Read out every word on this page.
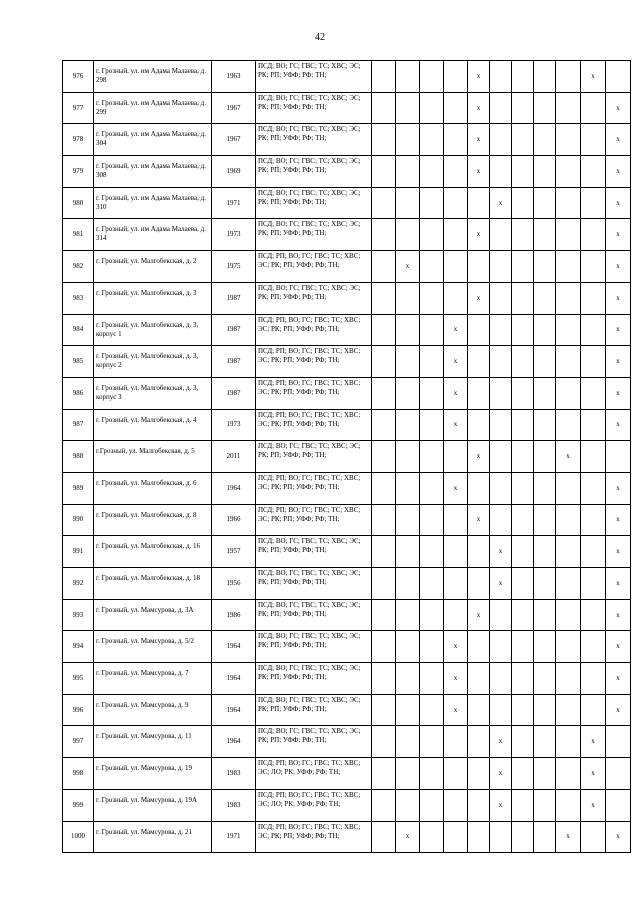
42
976	г. Грозный, ул. им Адама Малаева, д. 298	1963	ПСД; ВО; ГС; ГВС; ТС; ХВС; ЭС; РК; РП; УФФ; РФ; ТН;					x					x	
977	г. Грозный, ул. им Адама Малаева, д. 299	1967	ПСД; ВО; ГС; ГВС; ТС; ХВС; ЭС; РК; РП; УФФ; РФ; ТН;					x						x
978	г. Грозный, ул. им Адама Малаева, д. 304	1967	ПСД; ВО; ГС; ГВС; ТС; ХВС; ЭС; РК; РП; УФФ; РФ; ТН;					x						x
979	г. Грозный, ул. им Адама Малаева, д. 308	1969	ПСД; ВО; ГС; ГВС; ТС; ХВС; ЭС; РК; РП; УФФ; РФ; ТН;					x						x
980	г. Грозный, ул. им Адама Малаева, д. 310	1971	ПСД; ВО; ГС; ГВС; ТС; ХВС; ЭС; РК; РП; УФФ; РФ; ТН;						x					x
981	г. Грозный, ул. им Адама Малаева, д. 314	1973	ПСД; ВО; ГС; ГВС; ТС; ХВС; ЭС; РК; РП; УФФ; РФ; ТН;					x						x
982	г. Грозный, ул. Малгобекская, д. 2	1975	ПСД; РП; ВО; ГС; ГВС; ТС; ХВС; ЭС; РК; РП; УФФ; РФ; ТН;		x									x
983	г. Грозный, ул. Малгобекская, д. 3	1987	ПСД; ВО; ГС; ГВС; ТС; ХВС; ЭС; РК; РП; УФФ; РФ; ТН;					x						x
984	г. Грозный, ул. Малгобекская, д. 3, корпус 1	1987	ПСД; РП; ВО; ГС; ГВС; ТС; ХВС; ЭС; РК; РП; УФФ; РФ; ТН;				x							x
985	г. Грозный, ул. Малгобекская, д. 3, корпус 2	1987	ПСД; РП; ВО; ГС; ГВС; ТС; ХВС; ЭС; РК; РП; УФФ; РФ; ТН;				x							x
986	г. Грозный, ул. Малгобекская, д. 3, корпус 3	1987	ПСД; РП; ВО; ГС; ГВС; ТС; ХВС; ЭС; РК; РП; УФФ; РФ; ТН;				x							x
987	г. Грозный, ул. Малгобекская, д. 4	1973	ПСД; РП; ВО; ГС; ГВС; ТС; ХВС; ЭС; РК; РП; УФФ; РФ; ТН;				x							x
988	г.Грозный, ул. Малгобекская, д. 5	2011	ПСД; ВО; ГС; ГВС; ТС; ХВС; ЭС; РК; РП; УФФ; РФ; ТН;					x				x		
989	г. Грозный, ул. Малгобекская, д. 6	1964	ПСД; РП; ВО; ГС; ГВС; ТС; ХВС; ЭС; РК; РП; УФФ; РФ; ТН;				x							x
990	г. Грозный, ул. Малгобекская, д. 8	1966	ПСД; РП; ВО; ГС; ГВС; ТС; ХВС; ЭС; РК; РП; УФФ; РФ; ТН;					x						x
991	г. Грозный, ул. Малгобекская, д. 16	1957	ПСД; ВО; ГС; ГВС; ТС; ХВС; ЭС; РК; РП; УФФ; РФ; ТН;						x					x
992	г. Грозный, ул. Малгобекская, д. 18	1956	ПСД; ВО; ГС; ГВС; ТС; ХВС; ЭС; РК; РП; УФФ; РФ; ТН;						x					x
993	г. Грозный, ул. Мамсурова, д. 3А	1986	ПСД; ВО; ГС; ГВС; ТС; ХВС; ЭС; РК; РП; УФФ; РФ; ТН;					x						x
994	г. Грозный, ул. Мамсурова, д. 5/2	1964	ПСД; ВО; ГС; ГВС; ТС; ХВС; ЭС; РК; РП; УФФ; РФ; ТН;				x							x
995	г. Грозный, ул. Мамсурова, д. 7	1964	ПСД; ВО; ГС; ГВС; ТС; ХВС; ЭС; РК; РП; УФФ; РФ; ТН;				x							x
996	г. Грозный, ул. Мамсурова, д. 9	1964	ПСД; ВО; ГС; ГВС; ТС; ХВС; ЭС; РК; РП; УФФ; РФ; ТН;				x							x
997	г. Грозный, ул. Мамсурова, д. 11	1964	ПСД; ВО; ГС; ГВС; ТС; ХВС; ЭС; РК; РП; УФФ; РФ; ТН;						x				x	
998	г. Грозный, ул. Мамсурова, д. 19	1983	ПСД; РП; ВО; ГС; ГВС; ТС; ХВС; ЭС; ЛО; РК; УФФ; РФ; ТН;						x				x	
999	г. Грозный, ул. Мамсурова, д. 19А	1983	ПСД; РП; ВО; ГС; ГВС; ТС; ХВС; ЭС; ЛО; РК; УФФ; РФ; ТН;						x				x	
1000	г. Грозный, ул. Мамсурова, д. 21	1971	ПСД; РП; ВО; ГС; ГВС; ТС; ХВС; ЭС; РК; РП; УФФ; РФ; ТН;		x							x		x
